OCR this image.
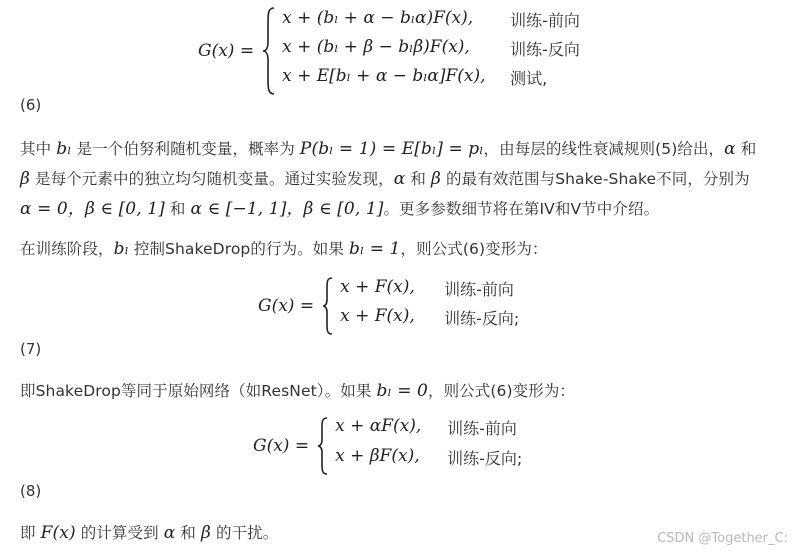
G(x) =
x + (bₗ + α − bₗα)F(x),	训练-前向
x + (bₗ + β − bₗβ)F(x),	训练-反向
x + E[bₗ + α − bₗα]F(x),	测试,
(6)
其中 bₗ 是一个伯努利随机变量，概率为 P(bₗ = 1) = E[bₗ] = pₗ，由每层的线性衰减规则(5)给出，α 和
β 是每个元素中的独立均匀随机变量。通过实验发现，α 和 β 的最有效范围与Shake-Shake不同，分别为
α = 0，β ∈ [0, 1] 和 α ∈ [−1, 1]，β ∈ [0, 1]。更多参数细节将在第IV和V节中介绍。
在训练阶段，bₗ 控制ShakeDrop的行为。如果 bₗ = 1，则公式(6)变形为：
G(x) =
x + F(x),	训练-前向
x + F(x),	训练-反向;
(7)
即ShakeDrop等同于原始网络（如ResNet）。如果 bₗ = 0，则公式(6)变形为：
G(x) =
x + αF(x),	训练-前向
x + βF(x),	训练-反向;
(8)
即 F(x) 的计算受到 α 和 β 的干扰。	CSDN @Together_C:
